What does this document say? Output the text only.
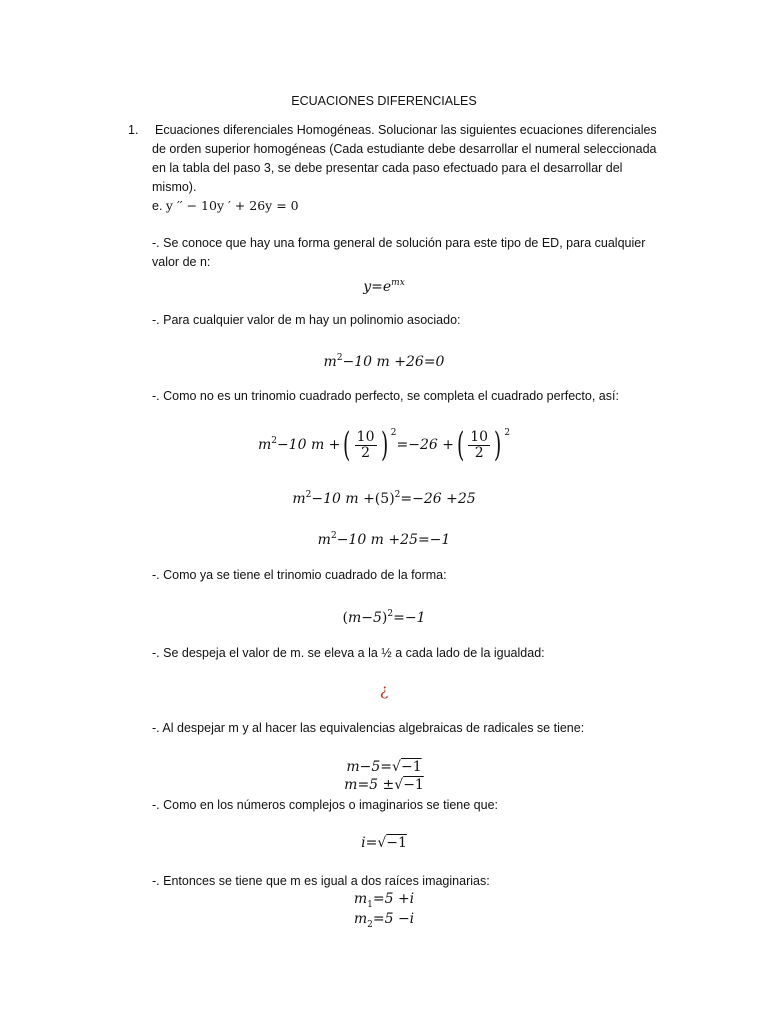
ECUACIONES DIFERENCIALES
1. Ecuaciones diferenciales Homogéneas. Solucionar las siguientes ecuaciones diferenciales
de orden superior homogéneas (Cada estudiante debe desarrollar el numeral seleccionada
en la tabla del paso 3, se debe presentar cada paso efectuado para el desarrollar del
mismo).
e. y ′′ − 10y ′ + 26y = 0
-. Se conoce que hay una forma general de solución para este tipo de ED, para cualquier
valor de n:
$y=e^{mx}$
-. Para cualquier valor de m hay un polinomio asociado:
$m^2-10$ m +26=0
-. Como no es un trinomio cuadrado perfecto, se completa el cuadrado perfecto, así:
$m^2-10$ m +( $\frac{10}{2}$ ) $^2$=−26 +( $\frac{10}{2}$ ) $^2$
$m^2-10$ $m +(5)^2=-26 +25$
$m^2-10$ m +25=−1
-. Como ya se tiene el trinomio cuadrado de la forma:
$(m-5)^2=-1$
-. Se despeja el valor de m. se eleva a la ½ a cada lado de la igualdad:
¿
-. Al despejar m y al hacer las equivalencias algebraicas de radicales se tiene:
m−5=√−1
m=5 ±√−1
-. Como en los números complejos o imaginarios se tiene que:
i=√−1
-. Entonces se tiene que m es igual a dos raíces imaginarias:
$m_1=5 +i$
$m_2=5 -i$
